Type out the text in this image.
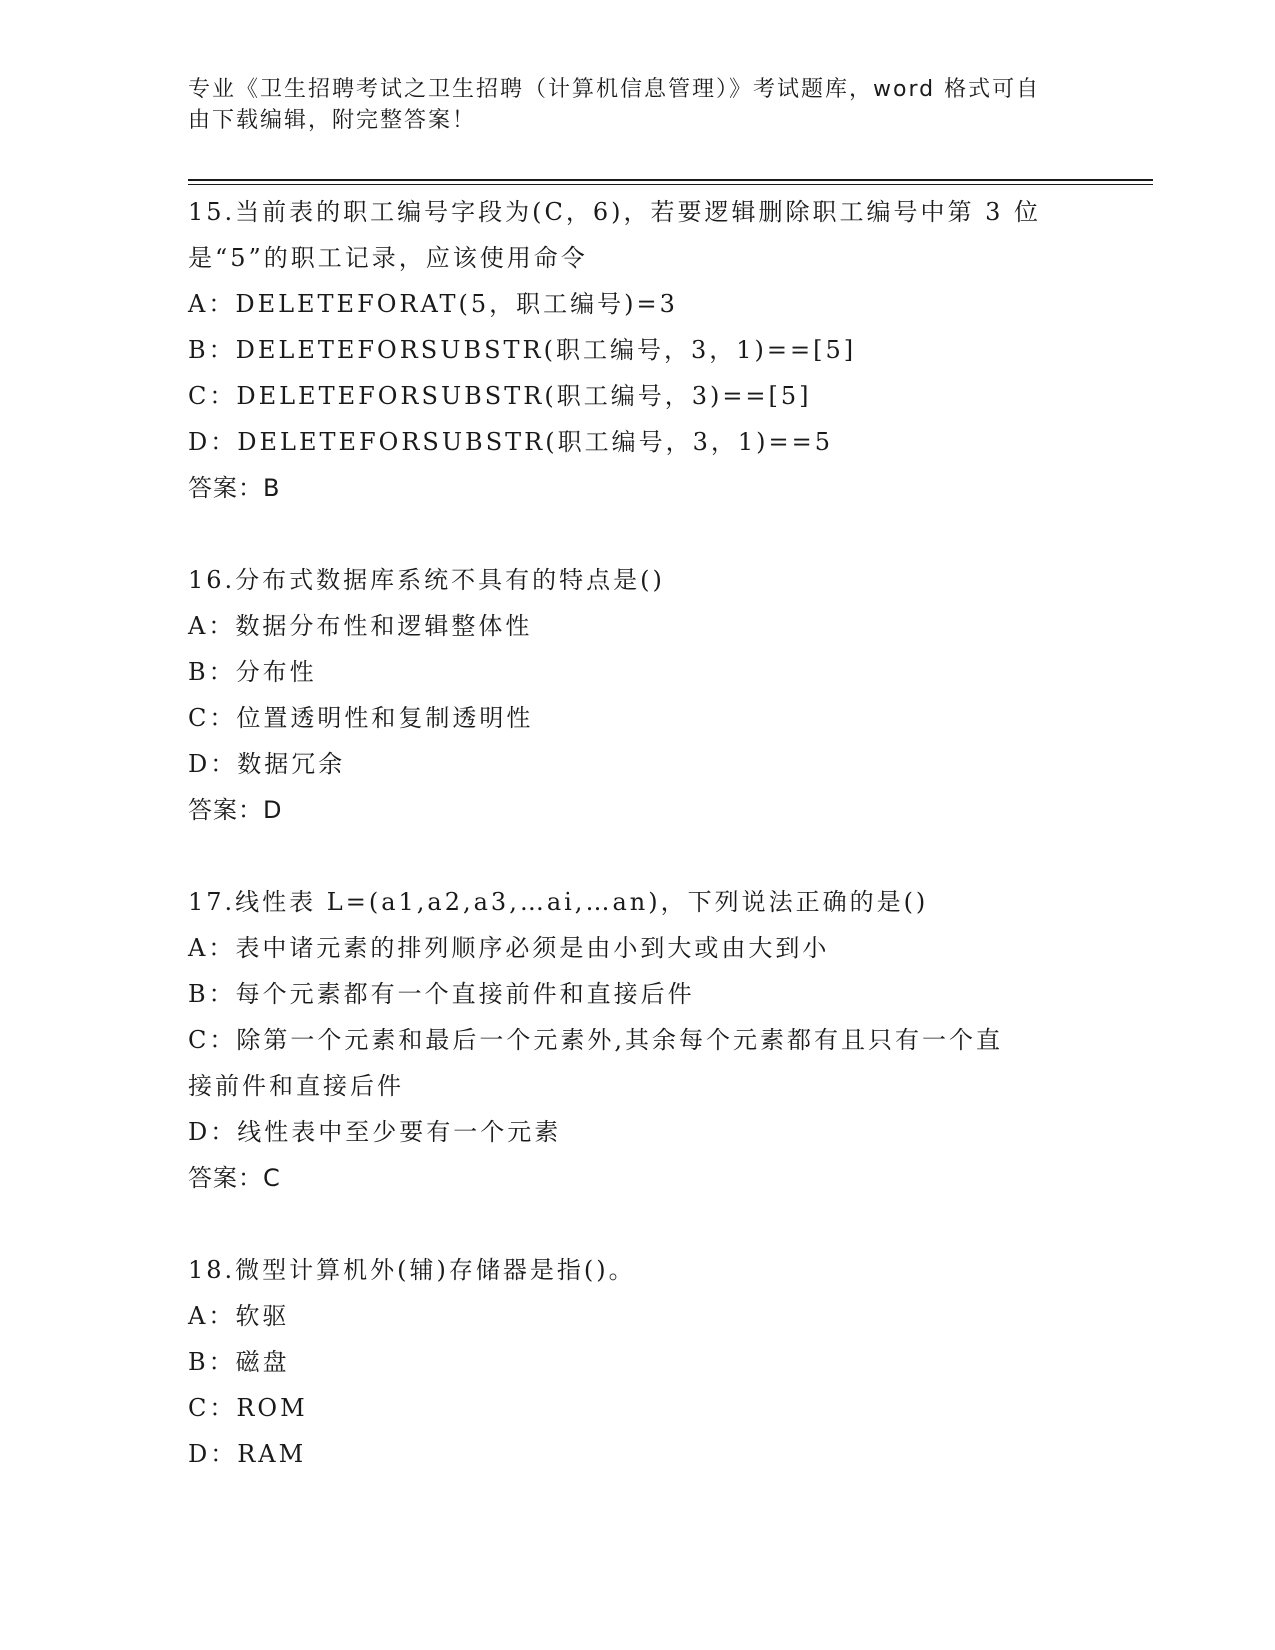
专业《卫生招聘考试之卫生招聘（计算机信息管理）》考试题库，word 格式可自
由下载编辑，附完整答案！
15.当前表的职工编号字段为(C，6)，若要逻辑删除职工编号中第 3 位
是“5”的职工记录，应该使用命令
A：DELETEFORAT(5，职工编号)=3
B：DELETEFORSUBSTR(职工编号，3，1)==[5]
C：DELETEFORSUBSTR(职工编号，3)==[5]
D：DELETEFORSUBSTR(职工编号，3，1)==5
答案：B
16.分布式数据库系统不具有的特点是()
A：数据分布性和逻辑整体性
B：分布性
C：位置透明性和复制透明性
D：数据冗余
答案：D
17.线性表 L=(a1,a2,a3,…ai,…an)，下列说法正确的是()
A：表中诸元素的排列顺序必须是由小到大或由大到小
B：每个元素都有一个直接前件和直接后件
C：除第一个元素和最后一个元素外,其余每个元素都有且只有一个直
接前件和直接后件
D：线性表中至少要有一个元素
答案：C
18.微型计算机外(辅)存储器是指()。
A：软驱
B：磁盘
C：ROM
D：RAM
